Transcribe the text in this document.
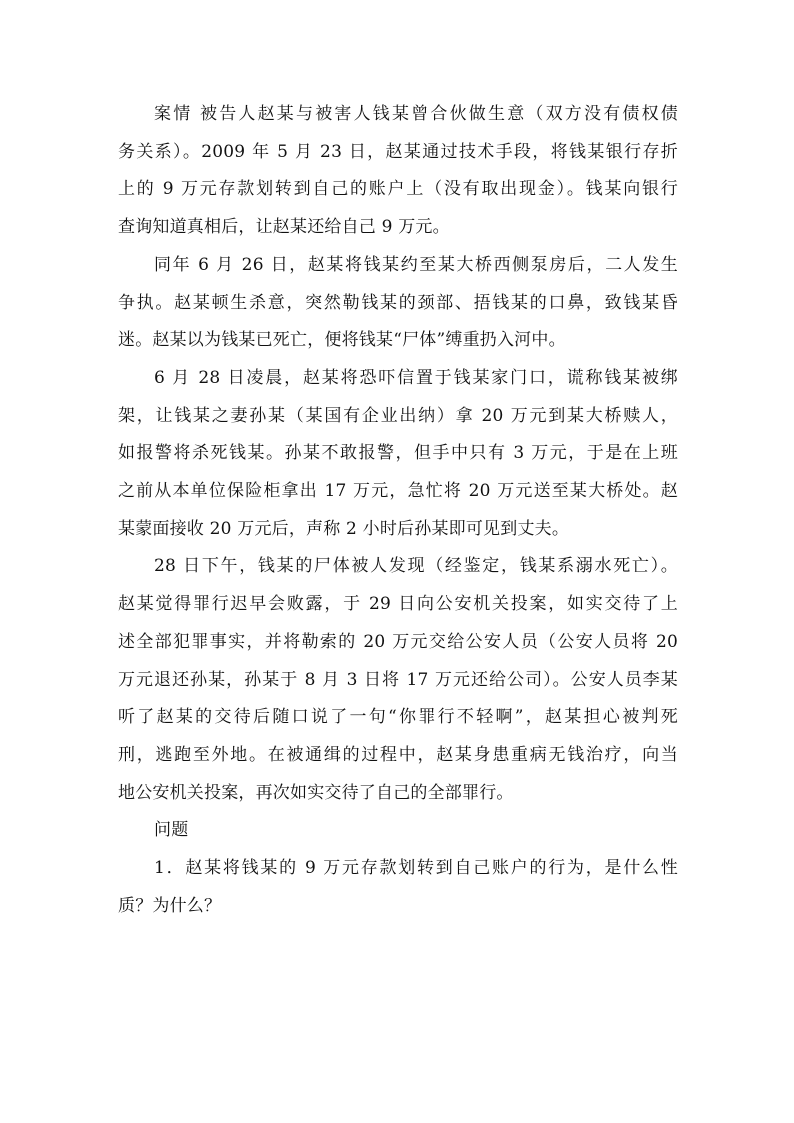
案情 被告人赵某与被害人钱某曾合伙做生意（双方没有债权债
务关系）。2009 年 5 月 23 日，赵某通过技术手段，将钱某银行存折
上的 9 万元存款划转到自己的账户上（没有取出现金）。钱某向银行
查询知道真相后，让赵某还给自己 9 万元。

同年 6 月 26 日，赵某将钱某约至某大桥西侧泵房后，二人发生
争执。赵某顿生杀意，突然勒钱某的颈部、捂钱某的口鼻，致钱某昏
迷。赵某以为钱某已死亡，便将钱某“尸体”缚重扔入河中。

6 月 28 日凌晨，赵某将恐吓信置于钱某家门口，谎称钱某被绑
架，让钱某之妻孙某（某国有企业出纳）拿 20 万元到某大桥赎人，
如报警将杀死钱某。孙某不敢报警，但手中只有 3 万元，于是在上班
之前从本单位保险柜拿出 17 万元，急忙将 20 万元送至某大桥处。赵
某蒙面接收 20 万元后，声称 2 小时后孙某即可见到丈夫。

28 日下午，钱某的尸体被人发现（经鉴定，钱某系溺水死亡）。
赵某觉得罪行迟早会败露，于 29 日向公安机关投案，如实交待了上
述全部犯罪事实，并将勒索的 20 万元交给公安人员（公安人员将 20
万元退还孙某，孙某于 8 月 3 日将 17 万元还给公司）。公安人员李某
听了赵某的交待后随口说了一句“你罪行不轻啊”，赵某担心被判死
刑，逃跑至外地。在被通缉的过程中，赵某身患重病无钱治疗，向当
地公安机关投案，再次如实交待了自己的全部罪行。

问题

1．赵某将钱某的 9 万元存款划转到自己账户的行为，是什么性
质？为什么？
